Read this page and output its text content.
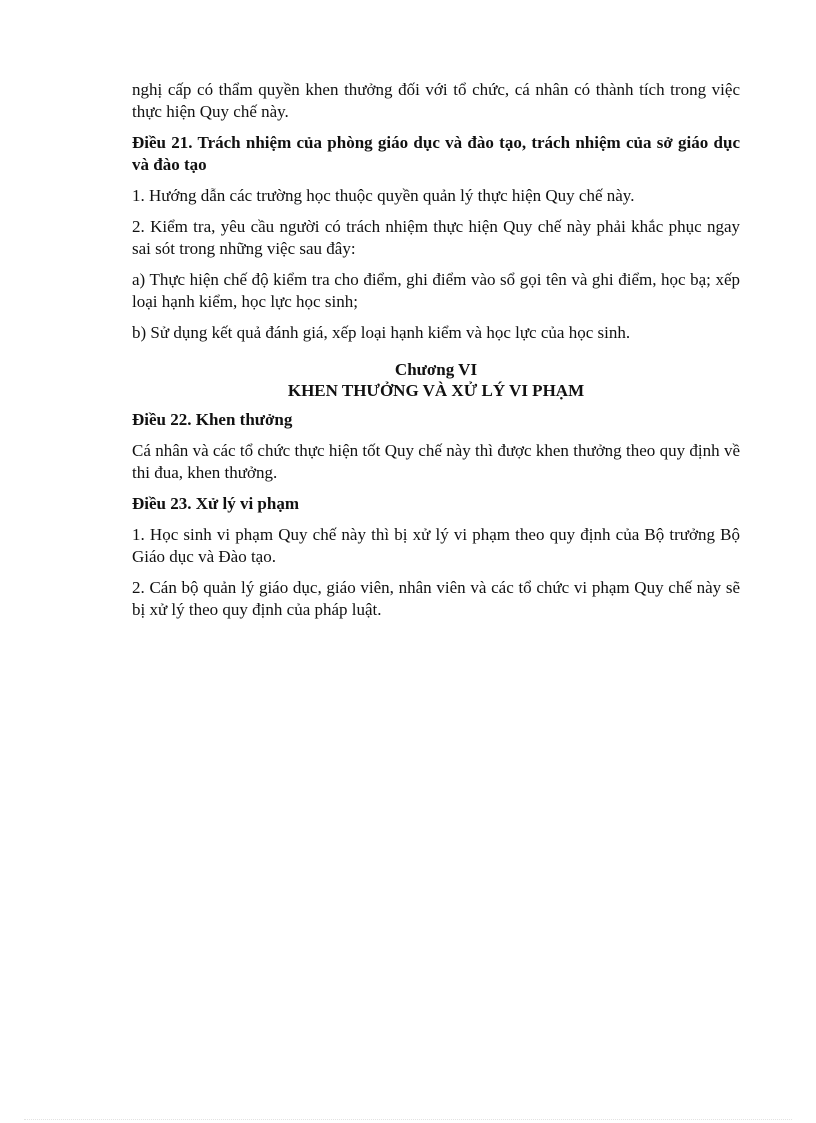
nghị cấp có thẩm quyền khen thưởng đối với tổ chức, cá nhân có thành tích trong việc thực hiện Quy chế này.

Điều 21. Trách nhiệm của phòng giáo dục và đào tạo, trách nhiệm của sở giáo dục và đào tạo

1. Hướng dẫn các trường học thuộc quyền quản lý thực hiện Quy chế này.

2. Kiểm tra, yêu cầu người có trách nhiệm thực hiện Quy chế này phải khắc phục ngay sai sót trong những việc sau đây:

a) Thực hiện chế độ kiểm tra cho điểm, ghi điểm vào sổ gọi tên và ghi điểm, học bạ; xếp loại hạnh kiểm, học lực học sinh;

b) Sử dụng kết quả đánh giá, xếp loại hạnh kiểm và học lực của học sinh.

Chương VI
KHEN THƯỞNG VÀ XỬ LÝ VI PHẠM

Điều 22. Khen thưởng

Cá nhân và các tổ chức thực hiện tốt Quy chế này thì được khen thưởng theo quy định về thi đua, khen thưởng.

Điều 23. Xử lý vi phạm

1. Học sinh vi phạm Quy chế này thì bị xử lý vi phạm theo quy định của Bộ trưởng Bộ Giáo dục và Đào tạo.

2. Cán bộ quản lý giáo dục, giáo viên, nhân viên và các tổ chức vi phạm Quy chế này sẽ bị xử lý theo quy định của pháp luật.
